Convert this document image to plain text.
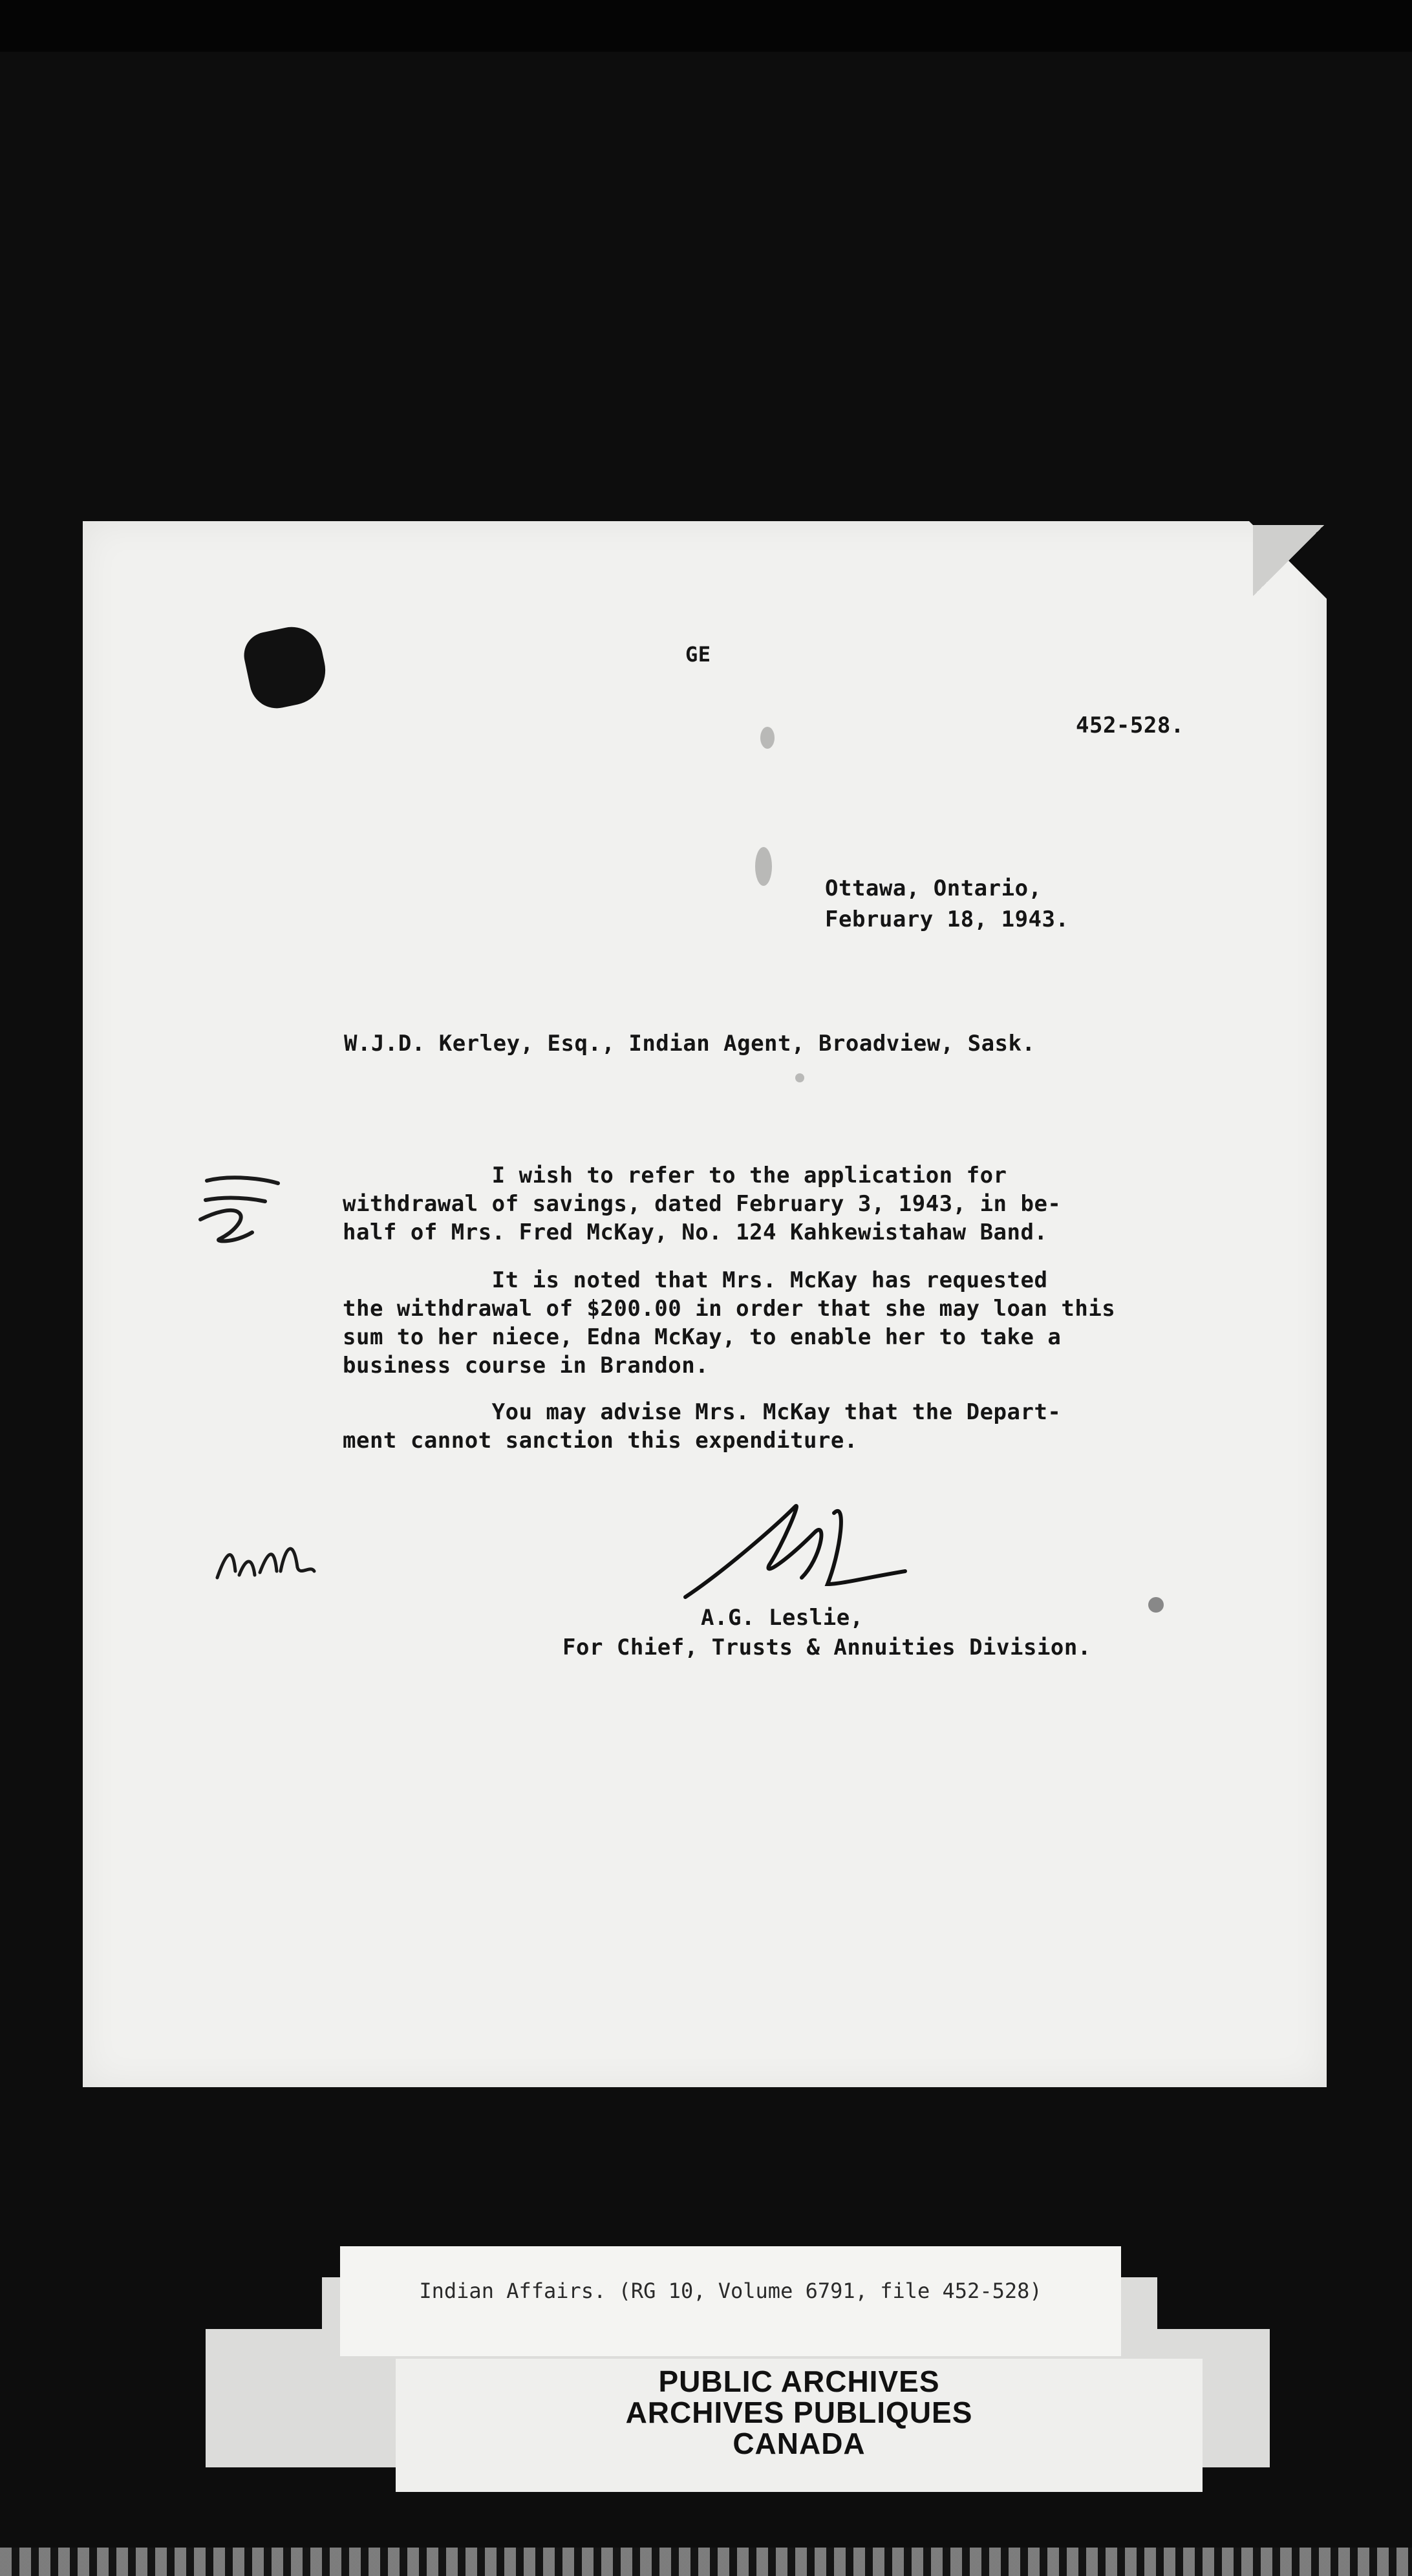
GE
452-528.
Ottawa, Ontario,
February 18, 1943.
W.J.D. Kerley, Esq., Indian Agent, Broadview, Sask.
I wish to refer to the application for
withdrawal of savings, dated February 3, 1943, in be-
half of Mrs. Fred McKay, No. 124 Kahkewistahaw Band.
It is noted that Mrs. McKay has requested
the withdrawal of $200.00 in order that she may loan this
sum to her niece, Edna McKay, to enable her to take a
business course in Brandon.
You may advise Mrs. McKay that the Depart-
ment cannot sanction this expenditure.
A.G. Leslie,
For Chief, Trusts & Annuities Division.
Indian Affairs. (RG 10, Volume 6791, file 452-528)
PUBLIC ARCHIVES
ARCHIVES PUBLIQUES
CANADA
